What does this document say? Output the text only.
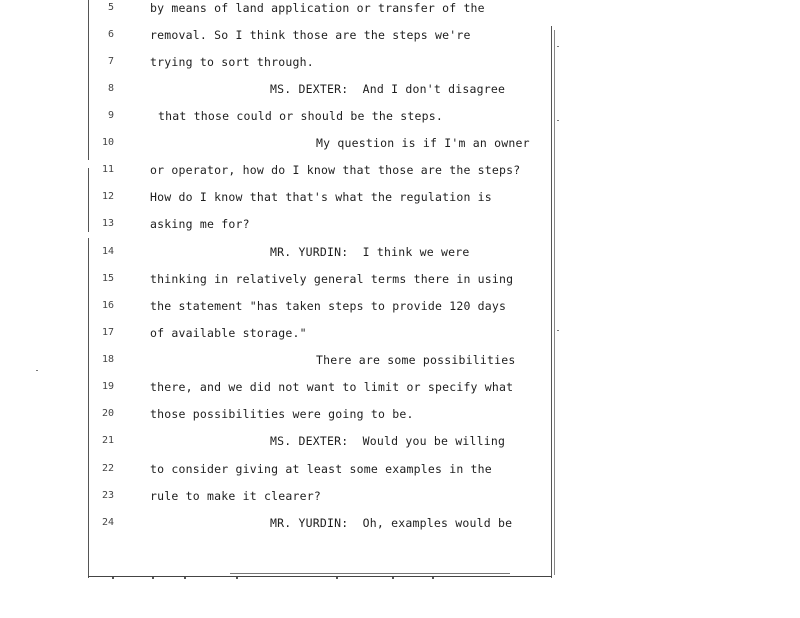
5	by means of land application or transfer of the
6	removal. So I think those are the steps we're
7	trying to sort through.
8	MS. DEXTER:  And I don't disagree
9	that those could or should be the steps.
10	My question is if I'm an owner
11	or operator, how do I know that those are the steps?
12	How do I know that that's what the regulation is
13	asking me for?
14	MR. YURDIN:  I think we were
15	thinking in relatively general terms there in using
16	the statement "has taken steps to provide 120 days
17	of available storage."
18	There are some possibilities
19	there, and we did not want to limit or specify what
20	those possibilities were going to be.
21	MS. DEXTER:  Would you be willing
22	to consider giving at least some examples in the
23	rule to make it clearer?
24	MR. YURDIN:  Oh, examples would be
